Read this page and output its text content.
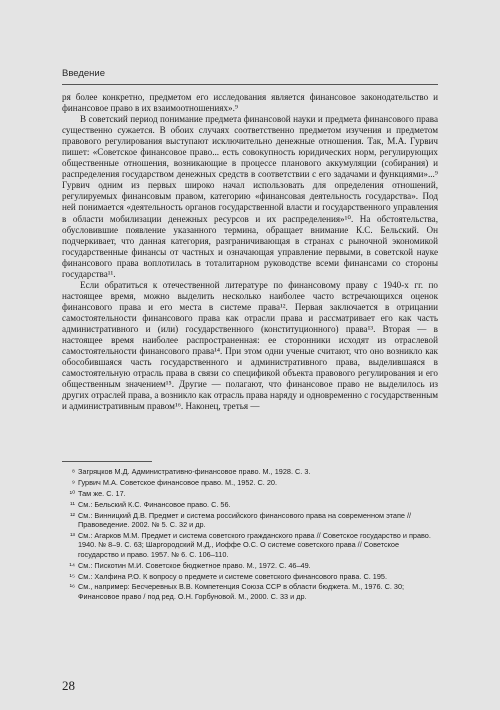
Введение

ря более конкретно, предметом его исследования является финансовое законодательство и финансовое право в их взаимоотношениях».⁹

В советский период понимание предмета финансовой науки и предмета финансового права существенно сужается. В обоих случаях соответственно предметом изучения и предметом правового регулирования выступают исключительно денежные отношения. Так, М.А. Гурвич пишет: «Советское финансовое право... есть совокупность юридических норм, регулирующих общественные отношения, возникающие в процессе планового аккумуляции (собирания) и распределения государством денежных средств в соответствии с его задачами и функциями»...⁹ Гурвич одним из первых широко начал использовать для определения отношений, регулируемых финансовым правом, категорию «финансовая деятельность государства». Под ней понимается «деятельность органов государственной власти и государственного управления в области мобилизации денежных ресурсов и их распределения»¹⁰. На обстоятельства, обусловившие появление указанного термина, обращает внимание К.С. Бельский. Он подчеркивает, что данная категория, разграничивающая в странах с рыночной экономикой государственные финансы от частных и означающая управление первыми, в советской науке финансового права воплотилась в тоталитарном руководстве всеми финансами со стороны государства¹¹.

Если обратиться к отечественной литературе по финансовому праву с 1940-х гг. по настоящее время, можно выделить несколько наиболее часто встречающихся оценок финансового права и его места в системе права¹². Первая заключается в отрицании самостоятельности финансового права как отрасли права и рассматривает его как часть административного и (или) государственного (конституционного) права¹³. Вторая — в настоящее время наиболее распространенная: ее сторонники исходят из отраслевой самостоятельности финансового права¹⁴. При этом одни ученые считают, что оно возникло как обособившаяся часть государственного и административного права, выделившаяся в самостоятельную отрасль права в связи со спецификой объекта правового регулирования и его общественным значением¹⁵. Другие — полагают, что финансовое право не выделилось из других отраслей права, а возникло как отрасль права наряду и одновременно с государственным и административным правом¹⁶. Наконец, третья —

⁸ Загряцков М.Д. Административно-финансовое право. М., 1928. С. 3.
⁹ Гурвич М.А. Советское финансовое право. М., 1952. С. 20.
¹⁰ Там же. С. 17.
¹¹ См.: Бельский К.С. Финансовое право. С. 56.
¹² См.: Винницкий Д.В. Предмет и система российского финансового права на современном этапе // Правоведение. 2002. № 5. С. 32 и др.
¹³ См.: Агарков М.М. Предмет и система советского гражданского права // Советское государство и право. 1940. № 8–9. С. 63; Шаргородский М.Д., Иоффе О.С. О системе советского права // Советское государство и право. 1957. № 6. С. 106–110.
¹⁴ См.: Пискотин М.И. Советское бюджетное право. М., 1972. С. 46–49.
¹⁵ См.: Халфина Р.О. К вопросу о предмете и системе советского финансового права. С. 195.
¹⁶ См., например: Бесчеревных В.В. Компетенция Союза ССР в области бюджета. М., 1976. С. 30; Финансовое право / под ред. О.Н. Горбуновой. М., 2000. С. 33 и др.
28
